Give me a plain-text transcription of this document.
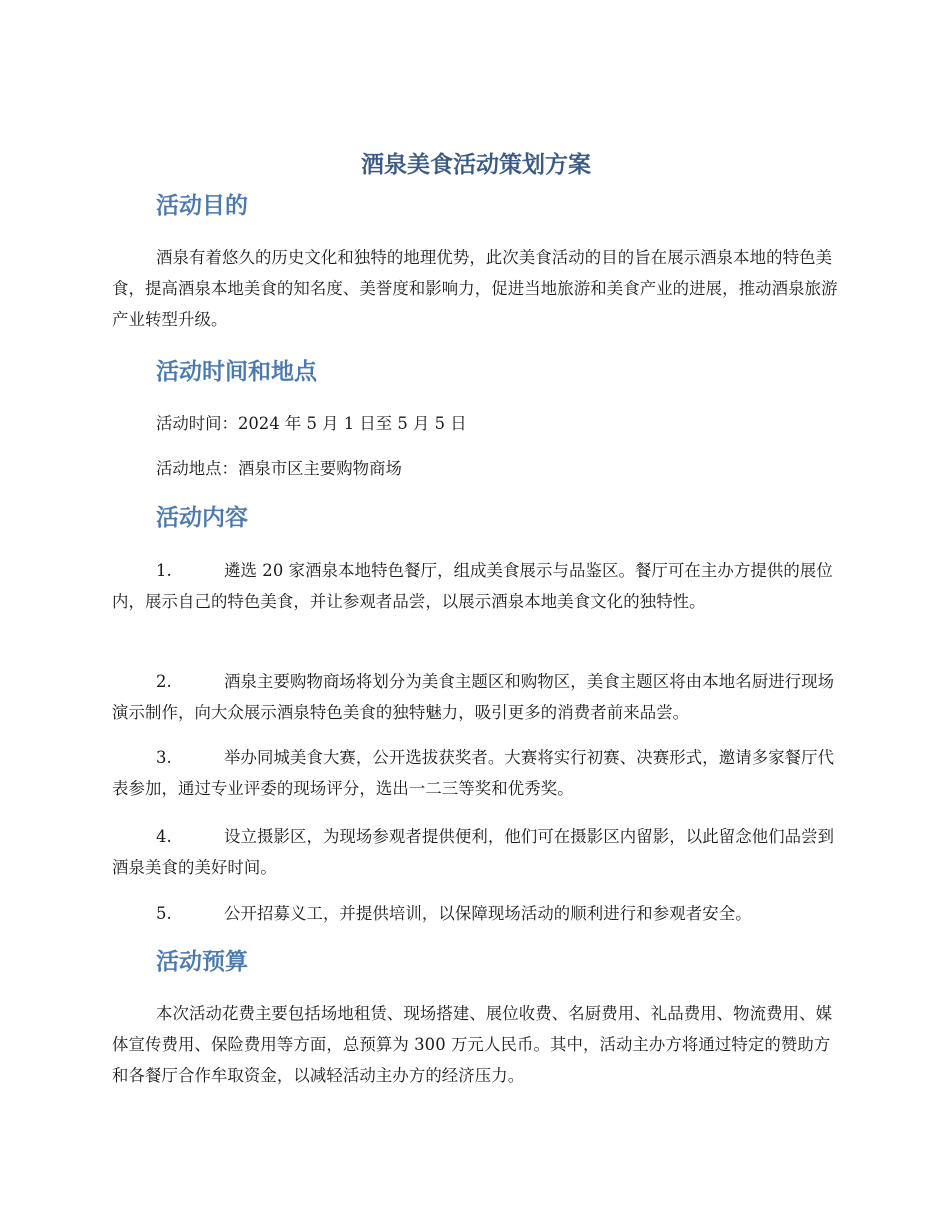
酒泉美食活动策划方案
活动目的

酒泉有着悠久的历史文化和独特的地理优势，此次美食活动的目的旨在展示酒泉本地的特色美食，提高酒泉本地美食的知名度、美誉度和影响力，促进当地旅游和美食产业的进展，推动酒泉旅游产业转型升级。

活动时间和地点

活动时间：2024 年 5 月 1 日至 5 月 5 日

活动地点：酒泉市区主要购物商场

活动内容

1.	遴选 20 家酒泉本地特色餐厅，组成美食展示与品鉴区。餐厅可在主办方提供的展位内，展示自己的特色美食，并让参观者品尝，以展示酒泉本地美食文化的独特性。

2.	酒泉主要购物商场将划分为美食主题区和购物区，美食主题区将由本地名厨进行现场演示制作，向大众展示酒泉特色美食的独特魅力，吸引更多的消费者前来品尝。

3.	举办同城美食大赛，公开选拔获奖者。大赛将实行初赛、决赛形式，邀请多家餐厅代表参加，通过专业评委的现场评分，选出一二三等奖和优秀奖。

4.	设立摄影区，为现场参观者提供便利，他们可在摄影区内留影，以此留念他们品尝到酒泉美食的美好时间。

5.	公开招募义工，并提供培训，以保障现场活动的顺利进行和参观者安全。

活动预算

本次活动花费主要包括场地租赁、现场搭建、展位收费、名厨费用、礼品费用、物流费用、媒体宣传费用、保险费用等方面，总预算为 300 万元人民币。其中，活动主办方将通过特定的赞助方和各餐厅合作牟取资金，以减轻活动主办方的经济压力。
